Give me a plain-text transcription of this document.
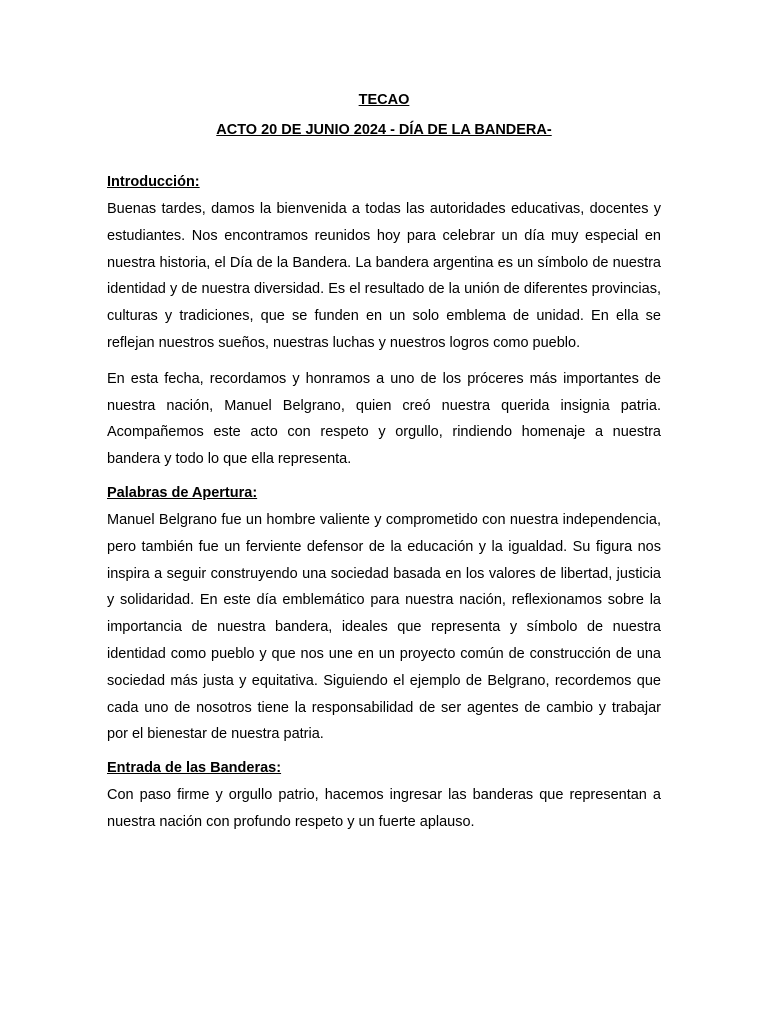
TECAO

ACTO 20 DE JUNIO 2024 - DÍA DE LA BANDERA-

Introducción:

Buenas tardes, damos la bienvenida a todas las autoridades educativas, docentes y estudiantes. Nos encontramos reunidos hoy para celebrar un día muy especial en nuestra historia, el Día de la Bandera. La bandera argentina es un símbolo de nuestra identidad y de nuestra diversidad. Es el resultado de la unión de diferentes provincias, culturas y tradiciones, que se funden en un solo emblema de unidad. En ella se reflejan nuestros sueños, nuestras luchas y nuestros logros como pueblo.

En esta fecha, recordamos y honramos a uno de los próceres más importantes de nuestra nación, Manuel Belgrano, quien creó nuestra querida insignia patria. Acompañemos este acto con respeto y orgullo, rindiendo homenaje a nuestra bandera y todo lo que ella representa.

Palabras de Apertura:

Manuel Belgrano fue un hombre valiente y comprometido con nuestra independencia, pero también fue un ferviente defensor de la educación y la igualdad. Su figura nos inspira a seguir construyendo una sociedad basada en los valores de libertad, justicia y solidaridad. En este día emblemático para nuestra nación, reflexionamos sobre la importancia de nuestra bandera, ideales que representa y símbolo de nuestra identidad como pueblo y que nos une en un proyecto común de construcción de una sociedad más justa y equitativa. Siguiendo el ejemplo de Belgrano, recordemos que cada uno de nosotros tiene la responsabilidad de ser agentes de cambio y trabajar por el bienestar de nuestra patria.

Entrada de las Banderas:

Con paso firme y orgullo patrio, hacemos ingresar las banderas que representan a nuestra nación con profundo respeto y un fuerte aplauso.
